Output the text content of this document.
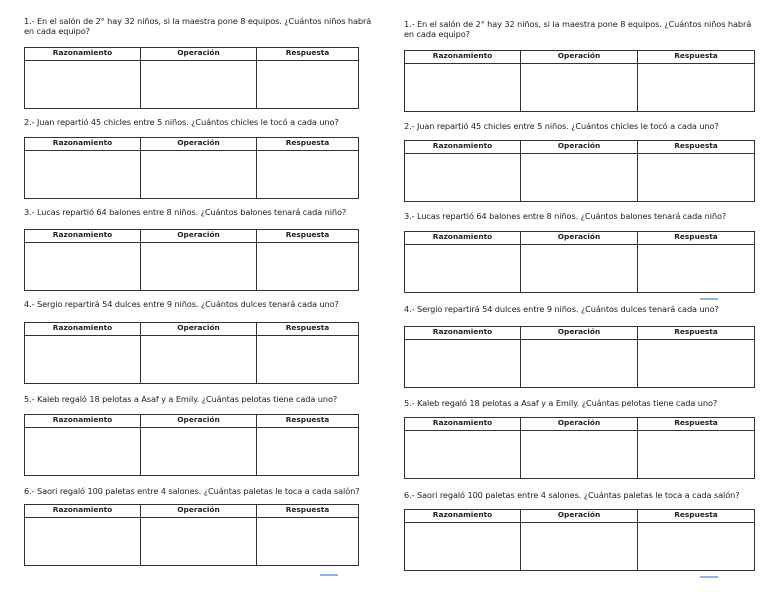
1.- En el salón de 2° hay 32 niños, si la maestra pone 8 equipos. ¿Cuántos niños habrá en cada equipo?

Razonamiento	Operación	Respuesta

2.- Juan repartió 45 chicles entre 5 niños. ¿Cuántos chicles le tocó a cada uno?

Razonamiento	Operación	Respuesta

3.- Lucas repartió 64 balones entre 8 niños. ¿Cuántos balones tenará cada niño?

Razonamiento	Operación	Respuesta

4.- Sergio repartirá 54 dulces entre 9 niños. ¿Cuántos dulces tenará cada uno?

Razonamiento	Operación	Respuesta

5.- Kaleb regaló 18 pelotas a Asaf y a Emily. ¿Cuántas pelotas tiene cada uno?

Razonamiento	Operación	Respuesta

6.- Saori regaló 100 paletas entre 4 salones. ¿Cuántas paletas le toca a cada salón?

Razonamiento	Operación	Respuesta

1.- En el salón de 2° hay 32 niños, si la maestra pone 8 equipos. ¿Cuántos niños habrá en cada equipo?

Razonamiento	Operación	Respuesta

2.- Juan repartió 45 chicles entre 5 niños. ¿Cuántos chicles le tocó a cada uno?

Razonamiento	Operación	Respuesta

3.- Lucas repartió 64 balones entre 8 niños. ¿Cuántos balones tenará cada niño?

Razonamiento	Operación	Respuesta

4.- Sergio repartirá 54 dulces entre 9 niños. ¿Cuántos dulces tenará cada uno?

Razonamiento	Operación	Respuesta

5.- Kaleb regaló 18 pelotas a Asaf y a Emily. ¿Cuántas pelotas tiene cada uno?

Razonamiento	Operación	Respuesta

6.- Saori regaló 100 paletas entre 4 salones. ¿Cuántas paletas le toca a cada salón?

Razonamiento	Operación	Respuesta
